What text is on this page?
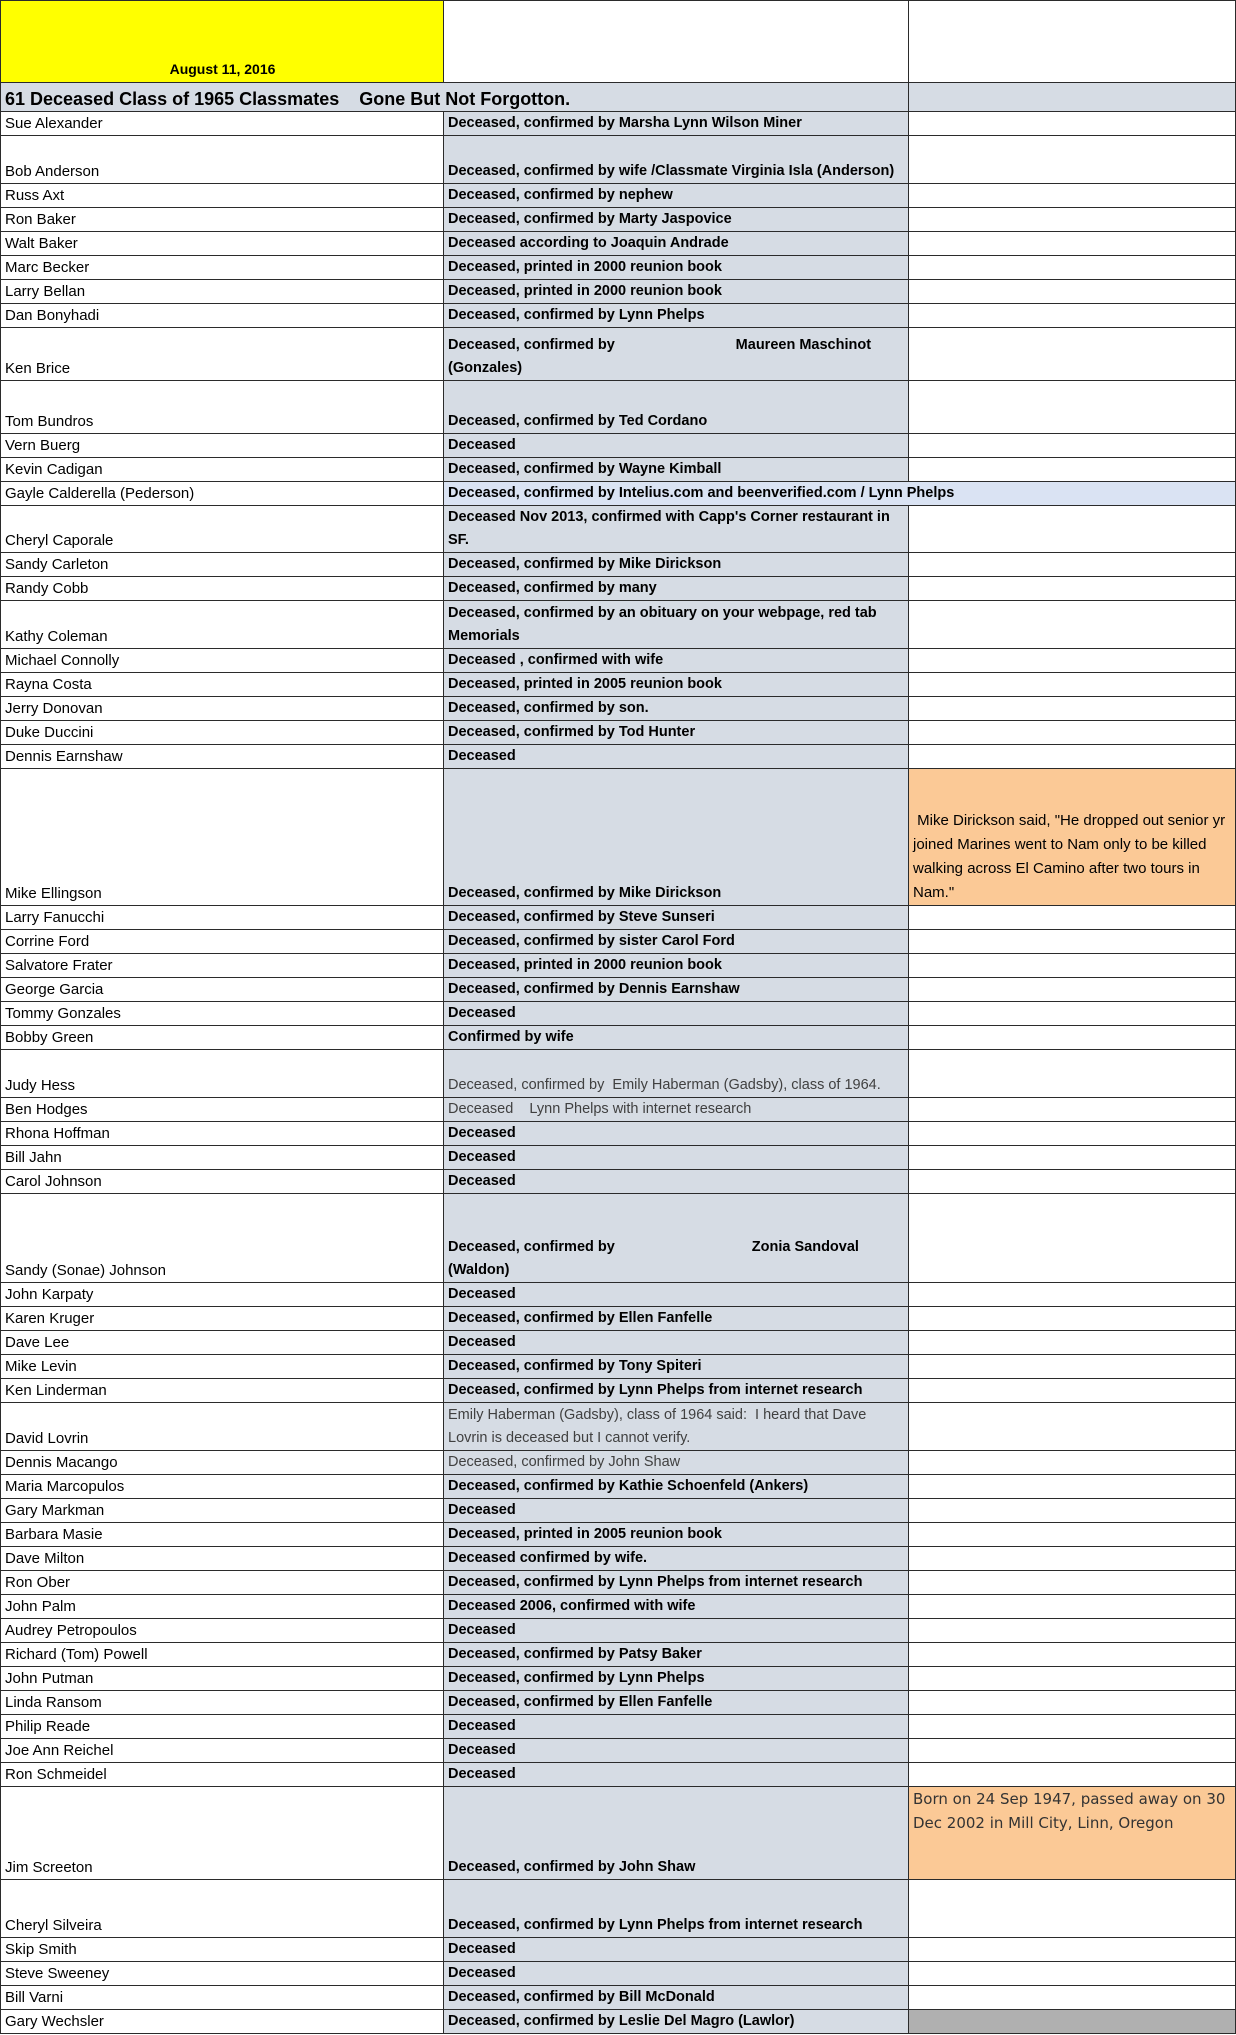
August 11, 2016		
61 Deceased Class of 1965 Classmates    Gone But Not Forgotton.		
Sue Alexander	Deceased, confirmed by Marsha Lynn Wilson Miner	
Bob Anderson	Deceased, confirmed by wife /Classmate Virginia Isla (Anderson)	
Russ Axt	Deceased, confirmed by nephew	
Ron Baker	Deceased, confirmed by Marty Jaspovice	
Walt Baker	Deceased according to Joaquin Andrade	
Marc Becker	Deceased, printed in 2000 reunion book	
Larry Bellan	Deceased, printed in 2000 reunion book	
Dan Bonyhadi	Deceased, confirmed by Lynn Phelps	
Ken Brice	Deceased, confirmed by                              Maureen Maschinot (Gonzales)	
Tom Bundros	Deceased, confirmed by Ted Cordano	
Vern Buerg	Deceased	
Kevin Cadigan	Deceased, confirmed by Wayne Kimball	
Gayle Calderella (Pederson)	Deceased, confirmed by Intelius.com and beenverified.com / Lynn Phelps	
Cheryl Caporale	Deceased Nov 2013, confirmed with Capp's Corner restaurant in SF.	
Sandy Carleton	Deceased, confirmed by Mike Dirickson	
Randy Cobb	Deceased, confirmed by many	
Kathy Coleman	Deceased, confirmed by an obituary on your webpage, red tab Memorials	
Michael Connolly	Deceased , confirmed with wife	
Rayna Costa	Deceased, printed in 2005 reunion book	
Jerry Donovan	Deceased, confirmed by son.	
Duke Duccini	Deceased, confirmed by Tod Hunter	
Dennis Earnshaw	Deceased	
Mike Ellingson	Deceased, confirmed by Mike Dirickson	Mike Dirickson said, "He dropped out senior yr joined Marines went to Nam only to be killed walking across El Camino after two tours in Nam."
Larry Fanucchi	Deceased, confirmed by Steve Sunseri	
Corrine Ford	Deceased, confirmed by sister Carol Ford	
Salvatore Frater	Deceased, printed in 2000 reunion book	
George Garcia	Deceased, confirmed by Dennis Earnshaw	
Tommy Gonzales	Deceased	
Bobby Green	Confirmed by wife	
Judy Hess	Deceased, confirmed by  Emily Haberman (Gadsby), class of 1964.	
Ben Hodges	Deceased    Lynn Phelps with internet research	
Rhona Hoffman	Deceased	
Bill Jahn	Deceased	
Carol Johnson	Deceased	
Sandy (Sonae) Johnson	Deceased, confirmed by                                  Zonia Sandoval (Waldon)	
John Karpaty	Deceased	
Karen Kruger	Deceased, confirmed by Ellen Fanfelle	
Dave Lee	Deceased	
Mike Levin	Deceased, confirmed by Tony Spiteri	
Ken Linderman	Deceased, confirmed by Lynn Phelps from internet research	
David Lovrin	Emily Haberman (Gadsby), class of 1964 said:  I heard that Dave Lovrin is deceased but I cannot verify.	
Dennis Macango	Deceased, confirmed by John Shaw	
Maria Marcopulos	Deceased, confirmed by Kathie Schoenfeld (Ankers)	
Gary Markman	Deceased	
Barbara Masie	Deceased, printed in 2005 reunion book	
Dave Milton	Deceased confirmed by wife.	
Ron Ober	Deceased, confirmed by Lynn Phelps from internet research	
John Palm	Deceased 2006, confirmed with wife	
Audrey Petropoulos	Deceased	
Richard (Tom) Powell	Deceased, confirmed by Patsy Baker	
John Putman	Deceased, confirmed by Lynn Phelps	
Linda Ransom	Deceased, confirmed by Ellen Fanfelle	
Philip Reade	Deceased	
Joe Ann Reichel	Deceased	
Ron Schmeidel	Deceased	
Jim Screeton	Deceased, confirmed by John Shaw	Born on 24 Sep 1947, passed away on 30 Dec 2002 in Mill City, Linn, Oregon
Cheryl Silveira	Deceased, confirmed by Lynn Phelps from internet research	
Skip Smith	Deceased	
Steve Sweeney	Deceased	
Bill Varni	Deceased, confirmed by Bill McDonald	
Gary Wechsler	Deceased, confirmed by Leslie Del Magro (Lawlor)	
